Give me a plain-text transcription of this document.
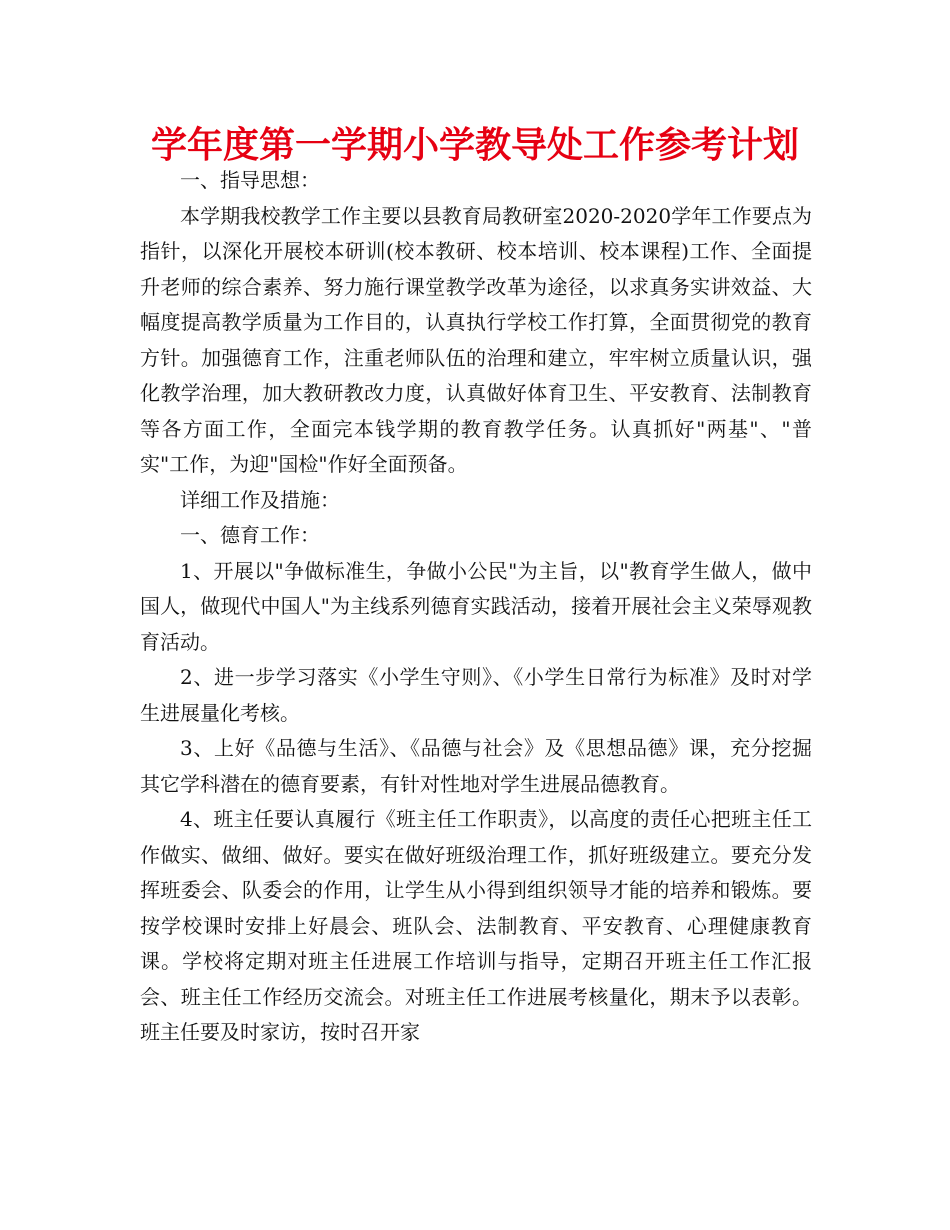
学年度第一学期小学教导处工作参考计划

一、指导思想：

本学期我校教学工作主要以县教育局教研室2020-2020学年工作要点为指针，以深化开展校本研训(校本教研、校本培训、校本课程)工作、全面提升老师的综合素养、努力施行课堂教学改革为途径，以求真务实讲效益、大幅度提高教学质量为工作目的，认真执行学校工作打算，全面贯彻党的教育方针。加强德育工作，注重老师队伍的治理和建立，牢牢树立质量认识，强化教学治理，加大教研教改力度，认真做好体育卫生、平安教育、法制教育等各方面工作，全面完本钱学期的教育教学任务。认真抓好"两基"、"普实"工作，为迎"国检"作好全面预备。

详细工作及措施：

一、德育工作：

1、开展以"争做标准生，争做小公民"为主旨，以"教育学生做人，做中国人，做现代中国人"为主线系列德育实践活动，接着开展社会主义荣辱观教育活动。

2、进一步学习落实《小学生守则》、《小学生日常行为标准》及时对学生进展量化考核。

3、上好《品德与生活》、《品德与社会》及《思想品德》课，充分挖掘其它学科潜在的德育要素，有针对性地对学生进展品德教育。

4、班主任要认真履行《班主任工作职责》，以高度的责任心把班主任工作做实、做细、做好。要实在做好班级治理工作，抓好班级建立。要充分发挥班委会、队委会的作用，让学生从小得到组织领导才能的培养和锻炼。要按学校课时安排上好晨会、班队会、法制教育、平安教育、心理健康教育课。学校将定期对班主任进展工作培训与指导，定期召开班主任工作汇报会、班主任工作经历交流会。对班主任工作进展考核量化，期末予以表彰。班主任要及时家访，按时召开家
